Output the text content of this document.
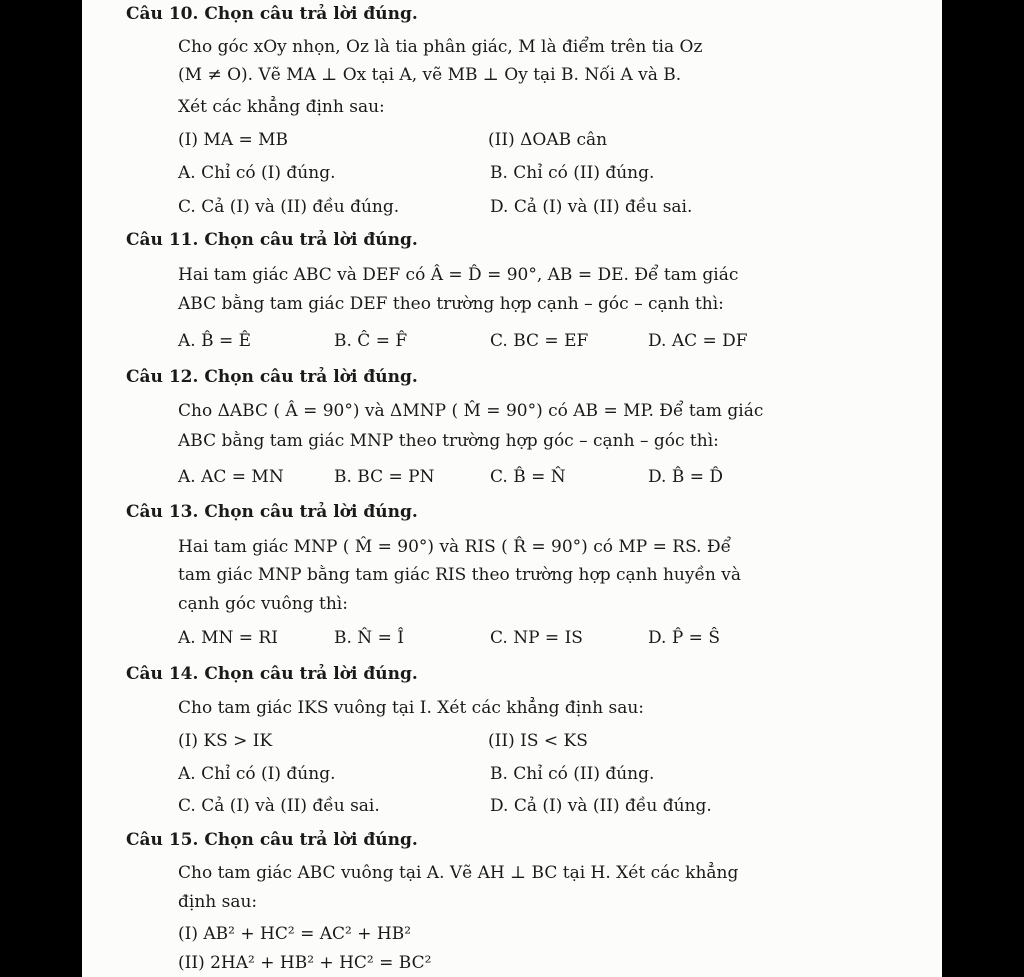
Câu 10. Chọn câu trả lời đúng.
Cho góc xOy nhọn, Oz là tia phân giác, M là điểm trên tia Oz
(M ≠ O). Vẽ MA ⊥ Ox tại A, vẽ MB ⊥ Oy tại B. Nối A và B.
Xét các khẳng định sau:
(I) MA = MB	(II) ΔOAB cân
A. Chỉ có (I) đúng.	B. Chỉ có (II) đúng.
C. Cả (I) và (II) đều đúng.	D. Cả (I) và (II) đều sai.
Câu 11. Chọn câu trả lời đúng.
Hai tam giác ABC và DEF có Â = D̂ = 90°, AB = DE. Để tam giác
ABC bằng tam giác DEF theo trường hợp cạnh – góc – cạnh thì:
A. B̂ = Ê	B. Ĉ = F̂	C. BC = EF	D. AC = DF
Câu 12. Chọn câu trả lời đúng.
Cho ΔABC ( Â = 90°) và ΔMNP ( M̂ = 90°) có AB = MP. Để tam giác
ABC bằng tam giác MNP theo trường hợp góc – cạnh – góc thì:
A. AC = MN	B. BC = PN	C. B̂ = N̂	D. B̂ = D̂
Câu 13. Chọn câu trả lời đúng.
Hai tam giác MNP ( M̂ = 90°) và RIS ( R̂ = 90°) có MP = RS. Để
tam giác MNP bằng tam giác RIS theo trường hợp cạnh huyền và
cạnh góc vuông thì:
A. MN = RI	B. N̂ = Î	C. NP = IS	D. P̂ = Ŝ
Câu 14. Chọn câu trả lời đúng.
Cho tam giác IKS vuông tại I. Xét các khẳng định sau:
(I) KS > IK	(II) IS < KS
A. Chỉ có (I) đúng.	B. Chỉ có (II) đúng.
C. Cả (I) và (II) đều sai.	D. Cả (I) và (II) đều đúng.
Câu 15. Chọn câu trả lời đúng.
Cho tam giác ABC vuông tại A. Vẽ AH ⊥ BC tại H. Xét các khẳng
định sau:
(I) AB² + HC² = AC² + HB²
(II) 2HA² + HB² + HC² = BC²
